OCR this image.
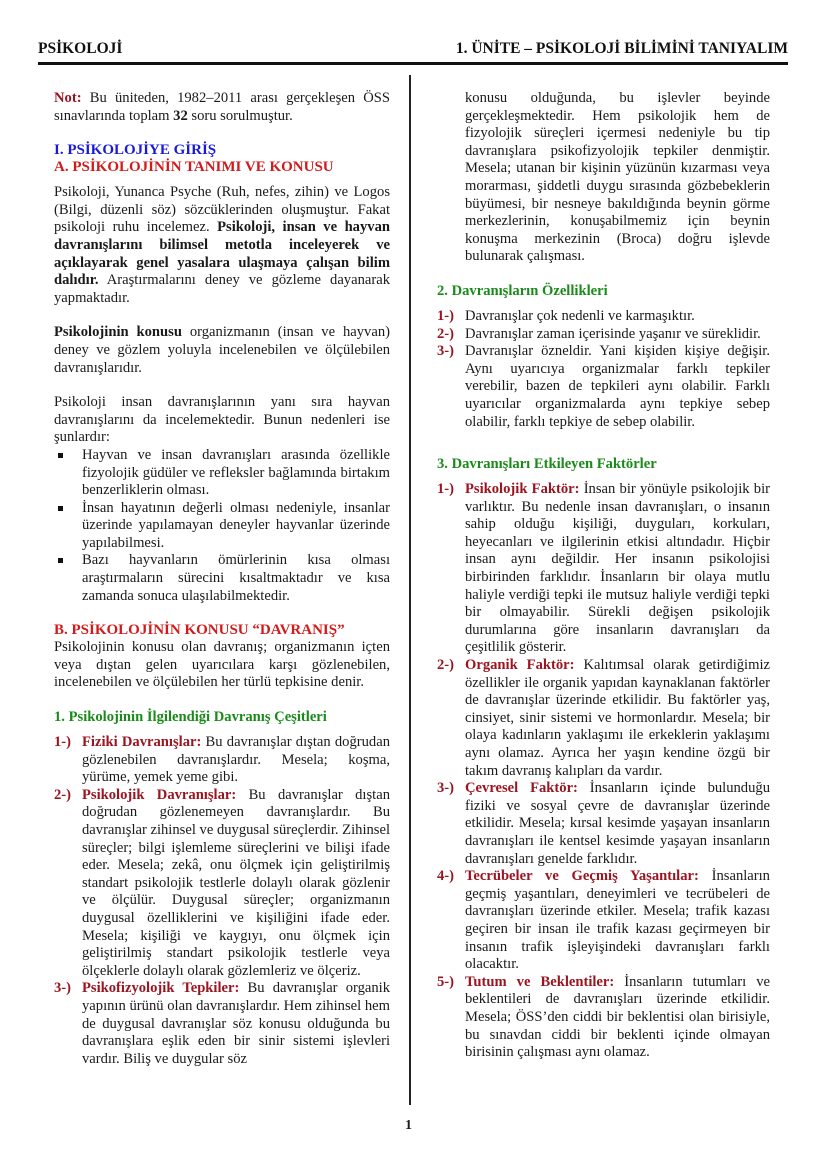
PSİKOLOJİ	1. ÜNİTE – PSİKOLOJİ BİLİMİNİ TANIYALIM

Not: Bu üniteden, 1982–2011 arası gerçekleşen ÖSS sınavlarında toplam 32 soru sorulmuştur.

I. PSİKOLOJİYE GİRİŞ
A. PSİKOLOJİNİN TANIMI VE KONUSU

Psikoloji, Yunanca Psyche (Ruh, nefes, zihin) ve Logos (Bilgi, düzenli söz) sözcüklerinden oluşmuştur. Fakat psikoloji ruhu incelemez. Psikoloji, insan ve hayvan davranışlarını bilimsel metotla inceleyerek ve açıklayarak genel yasalara ulaşmaya çalışan bilim dalıdır. Araştırmalarını deney ve gözleme dayanarak yapmaktadır.

Psikolojinin konusu organizmanın (insan ve hayvan) deney ve gözlem yoluyla incelenebilen ve ölçülebilen davranışlarıdır.

Psikoloji insan davranışlarının yanı sıra hayvan davranışlarını da incelemektedir. Bunun nedenleri ise şunlardır:

Hayvan ve insan davranışları arasında özellikle fizyolojik güdüler ve refleksler bağlamında birtakım benzerliklerin olması.
İnsan hayatının değerli olması nedeniyle, insanlar üzerinde yapılamayan deneyler hayvanlar üzerinde yapılabilmesi.
Bazı hayvanların ömürlerinin kısa olması araştırmaların sürecini kısaltmaktadır ve kısa zamanda sonuca ulaşılabilmektedir.
B. PSİKOLOJİNİN KONUSU “DAVRANIŞ”

Psikolojinin konusu olan davranış; organizmanın içten veya dıştan gelen uyarıcılara karşı gözlenebilen, incelenebilen ve ölçülebilen her türlü tepkisine denir.

1. Psikolojinin İlgilendiği Davranış Çeşitleri
1-) Fiziki Davranışlar: Bu davranışlar dıştan doğrudan gözlenebilen davranışlardır. Mesela; koşma, yürüme, yemek yeme gibi.
2-) Psikolojik Davranışlar: Bu davranışlar dıştan doğrudan gözlenemeyen davranışlardır. Bu davranışlar zihinsel ve duygusal süreçlerdir. Zihinsel süreçler; bilgi işlemleme süreçlerini ve bilişi ifade eder. Mesela; zekâ, onu ölçmek için geliştirilmiş standart psikolojik testlerle dolaylı olarak gözlenir ve ölçülür. Duygusal süreçler; organizmanın duygusal özelliklerini ve kişiliğini ifade eder. Mesela; kişiliği ve kaygıyı, onu ölçmek için geliştirilmiş standart psikolojik testlerle veya ölçeklerle dolaylı olarak gözlemleriz ve ölçeriz.
3-) Psikofizyolojik Tepkiler: Bu davranışlar organik yapının ürünü olan davranışlardır. Hem zihinsel hem de duygusal davranışlar söz konusu olduğunda bu davranışlara eşlik eden bir sinir sistemi işlevleri vardır. Biliş ve duygular söz

konusu olduğunda, bu işlevler beyinde gerçekleşmektedir. Hem psikolojik hem de fizyolojik süreçleri içermesi nedeniyle bu tip davranışlara psikofizyolojik tepkiler denmiştir. Mesela; utanan bir kişinin yüzünün kızarması veya morarması, şiddetli duygu sırasında gözbebeklerin büyümesi, bir nesneye bakıldığında beynin görme merkezlerinin, konuşabilmemiz için beynin konuşma merkezinin (Broca) doğru işlevde bulunarak çalışması.

2. Davranışların Özellikleri
1-) Davranışlar çok nedenli ve karmaşıktır.
2-) Davranışlar zaman içerisinde yaşanır ve süreklidir.
3-) Davranışlar özneldir. Yani kişiden kişiye değişir. Aynı uyarıcıya organizmalar farklı tepkiler verebilir, bazen de tepkileri aynı olabilir. Farklı uyarıcılar organizmalarda aynı tepkiye sebep olabilir, farklı tepkiye de sebep olabilir.
3. Davranışları Etkileyen Faktörler
1-) Psikolojik Faktör: İnsan bir yönüyle psikolojik bir varlıktır. Bu nedenle insan davranışları, o insanın sahip olduğu kişiliği, duyguları, korkuları, heyecanları ve ilgilerinin etkisi altındadır. Hiçbir insan aynı değildir. Her insanın psikolojisi birbirinden farklıdır. İnsanların bir olaya mutlu haliyle verdiği tepki ile mutsuz haliyle verdiği tepki bir olmayabilir. Sürekli değişen psikolojik durumlarına göre insanların davranışları da çeşitlilik gösterir.
2-) Organik Faktör: Kalıtımsal olarak getirdiğimiz özellikler ile organik yapıdan kaynaklanan faktörler de davranışlar üzerinde etkilidir. Bu faktörler yaş, cinsiyet, sinir sistemi ve hormonlardır. Mesela; bir olaya kadınların yaklaşımı ile erkeklerin yaklaşımı aynı olamaz. Ayrıca her yaşın kendine özgü bir takım davranış kalıpları da vardır.
3-) Çevresel Faktör: İnsanların içinde bulunduğu fiziki ve sosyal çevre de davranışlar üzerinde etkilidir. Mesela; kırsal kesimde yaşayan insanların davranışları ile kentsel kesimde yaşayan insanların davranışları genelde farklıdır.
4-) Tecrübeler ve Geçmiş Yaşantılar: İnsanların geçmiş yaşantıları, deneyimleri ve tecrübeleri de davranışları üzerinde etkiler. Mesela; trafik kazası geçiren bir insan ile trafik kazası geçirmeyen bir insanın trafik işleyişindeki davranışları farklı olacaktır.
5-) Tutum ve Beklentiler: İnsanların tutumları ve beklentileri de davranışları üzerinde etkilidir. Mesela; ÖSS’den ciddi bir beklentisi olan birisiyle, bu sınavdan ciddi bir beklenti içinde olmayan birisinin çalışması aynı olamaz.
1
